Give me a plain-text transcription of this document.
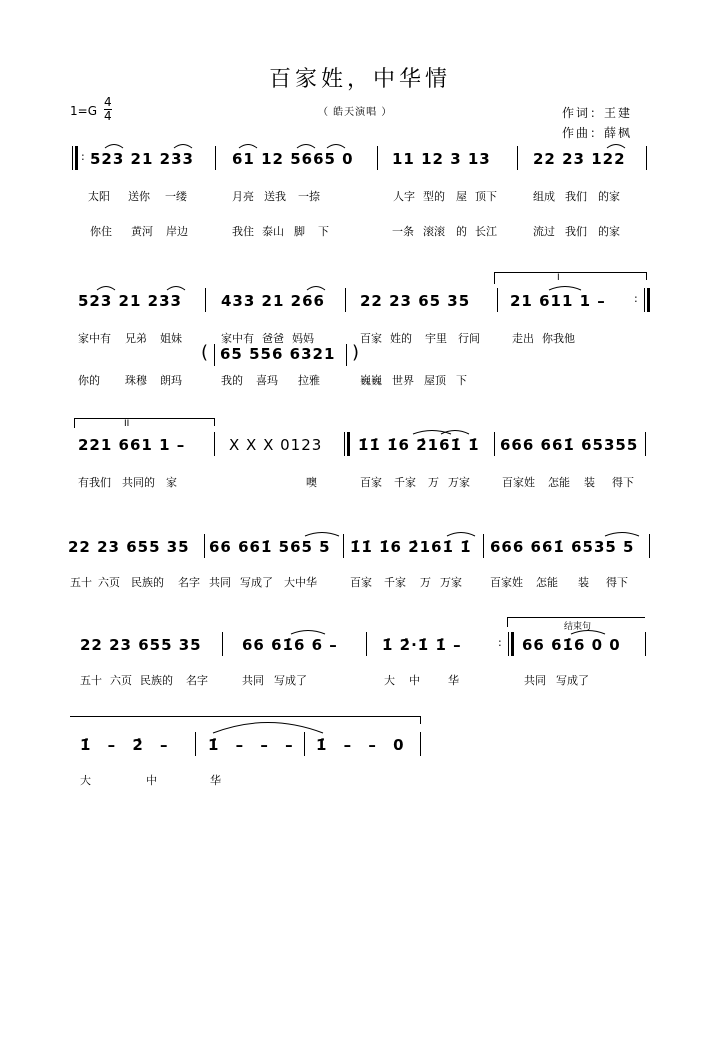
百家姓，中华情
1=G
4
4	（ 皓天演唱 ）	作词：王建
作曲：薛枫
: 523 21 233	61 12 5665 0	11 12 3 13	22 23 122
太阳 送你 一缕	月亮 送我 一捺	人字 型的 屋 顶下	组成 我们 的家
你住 黄河 岸边	我住 泰山 脚 下	一条 滚滚 的 长江	流过 我们 的家
I
523 21 233	433 21 266 22 23 65 35	21 611 1 –	:
家中有 兄弟 姐妹	家中有 爸爸 妈妈	百家 姓的 宇里 行间	走出 你我他
( 65 556 6321 )
你的 珠穆 朗玛	我的 喜玛 拉雅	巍巍 世界 屋顶 下
II
221 661 1 –	X X X 0123 1̇1̇ 1̇6 2̇161̇ 1̇ 666 661̇ 65355
有我们 共同的 家	噢	百家 千家 万 万家	百家姓 怎能 装 得下
22 23 655 35 66 661̇ 565 5 1̇1̇ 1̇6 2̇161̇ 1̇ 666 661̇ 6535 5
五十 六页 民族的 名字 共同 写成了 大中华	百家 千家 万 万家	百家姓 怎能 装 得下
结束句
22 23 655 35	66 61̇6 6 –	1̇ 2̇·1̇ 1̇ –	: 66 61̇6 0 0
五十 六页 民族的 名字	共同 写成了	大 中	华	共同 写成了
1̇ – 2̇ – 1̇ – – – 1̇ – – 0
大	中	华
